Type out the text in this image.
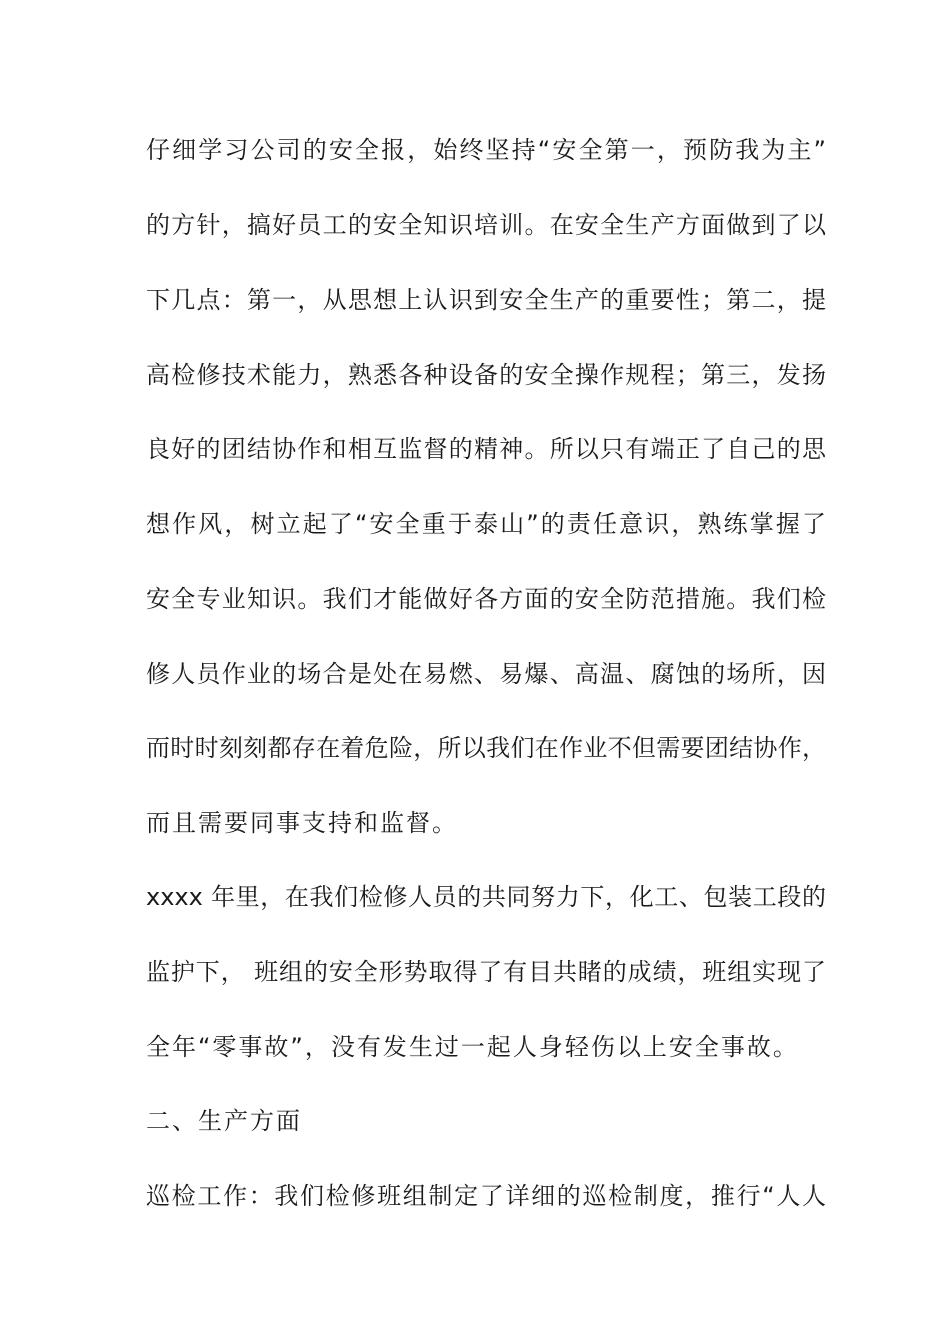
仔细学习公司的安全报，始终坚持“安全第一，预防我为主”
的方针，搞好员工的安全知识培训。在安全生产方面做到了以
下几点：第一，从思想上认识到安全生产的重要性；第二，提
高检修技术能力，熟悉各种设备的安全操作规程；第三，发扬
良好的团结协作和相互监督的精神。所以只有端正了自己的思
想作风，树立起了“安全重于泰山”的责任意识，熟练掌握了
安全专业知识。我们才能做好各方面的安全防范措施。我们检
修人员作业的场合是处在易燃、易爆、高温、腐蚀的场所，因
而时时刻刻都存在着危险，所以我们在作业不但需要团结协作，
而且需要同事支持和监督。
xxxx 年里，在我们检修人员的共同努力下，化工、包装工段的
监护下， 班组的安全形势取得了有目共睹的成绩，班组实现了
全年“零事故”，没有发生过一起人身轻伤以上安全事故。
二、生产方面
巡检工作：我们检修班组制定了详细的巡检制度，推行“人人
